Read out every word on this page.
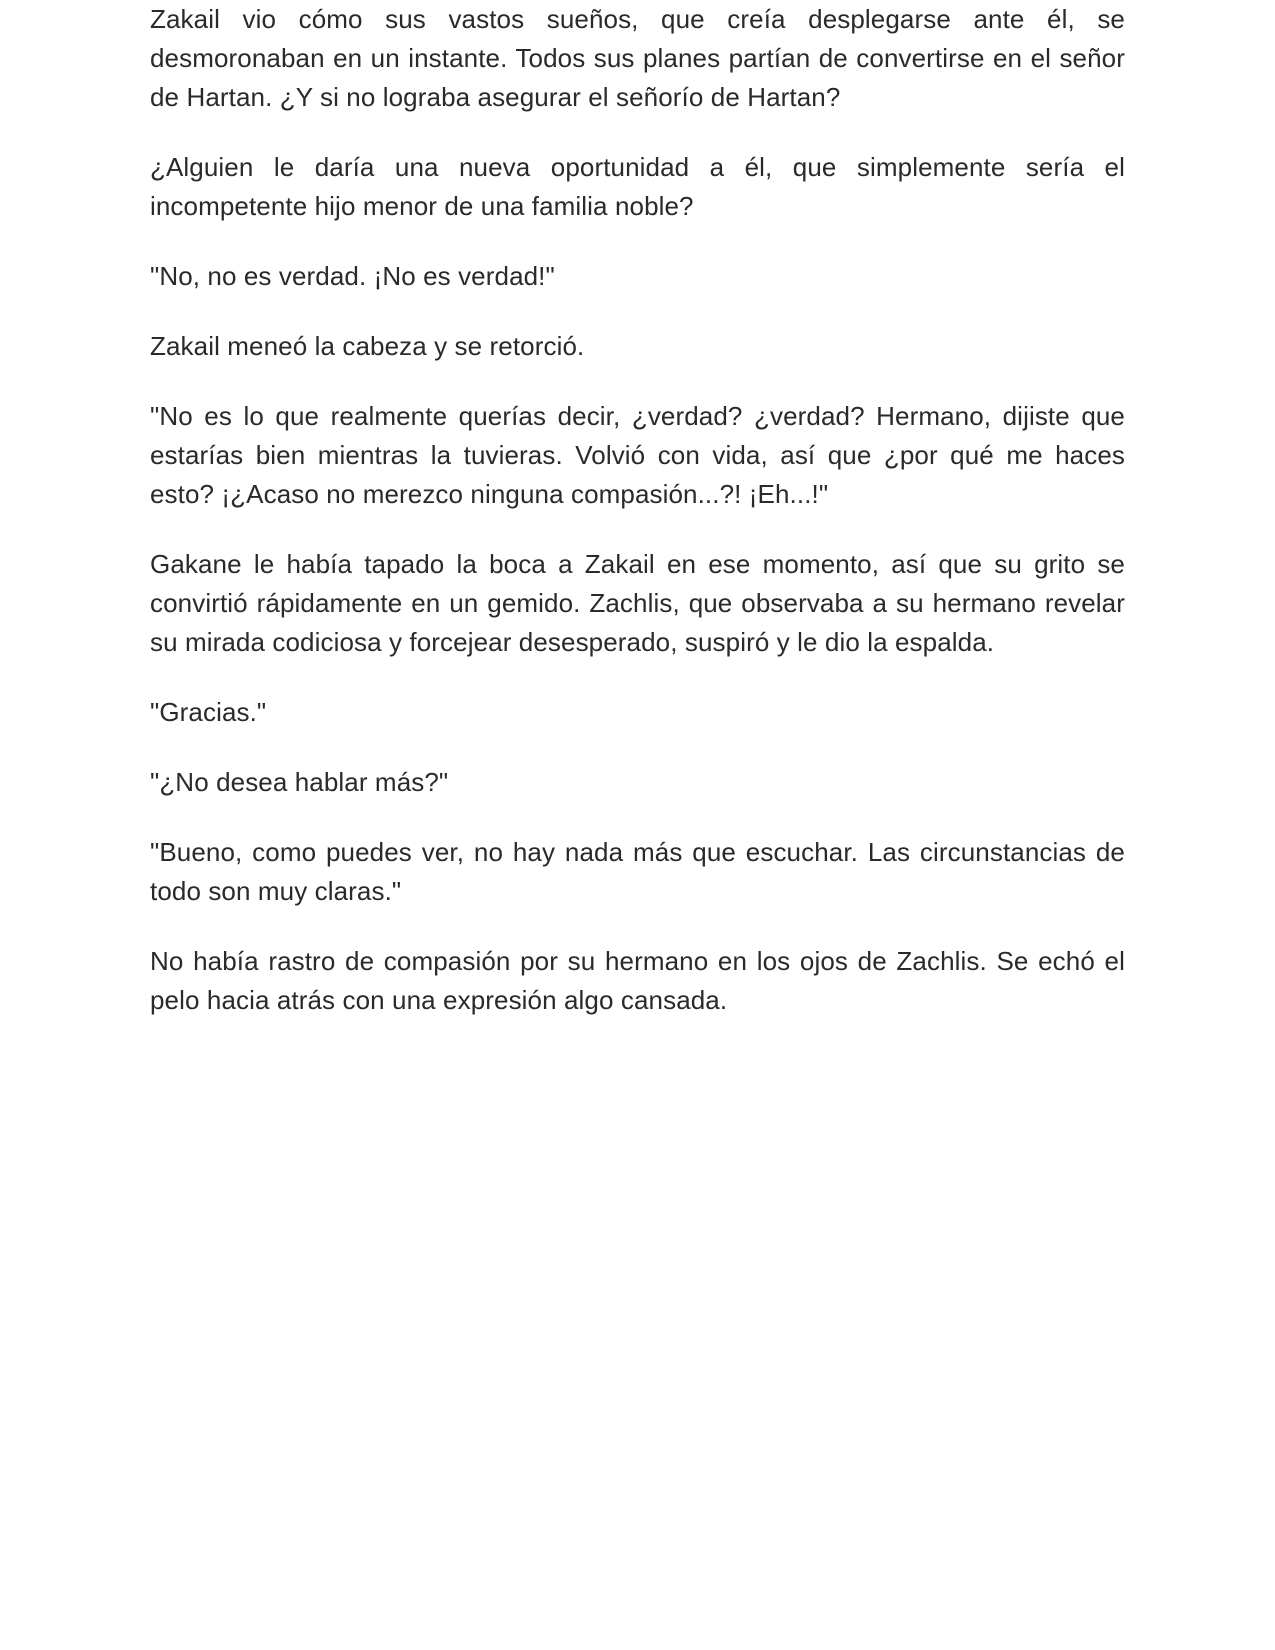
Zakail vio cómo sus vastos sueños, que creía desplegarse ante él, se desmoronaban en un instante. Todos sus planes partían de convertirse en el señor de Hartan. ¿Y si no lograba asegurar el señorío de Hartan?

¿Alguien le daría una nueva oportunidad a él, que simplemente sería el incompetente hijo menor de una familia noble?

"No, no es verdad. ¡No es verdad!"

Zakail meneó la cabeza y se retorció.

"No es lo que realmente querías decir, ¿verdad? ¿verdad? Hermano, dijiste que estarías bien mientras la tuvieras. Volvió con vida, así que ¿por qué me haces esto? ¡¿Acaso no merezco ninguna compasión...?! ¡Eh...!"

Gakane le había tapado la boca a Zakail en ese momento, así que su grito se convirtió rápidamente en un gemido. Zachlis, que observaba a su hermano revelar su mirada codiciosa y forcejear desesperado, suspiró y le dio la espalda.

"Gracias."

"¿No desea hablar más?"

"Bueno, como puedes ver, no hay nada más que escuchar. Las circunstancias de todo son muy claras."

No había rastro de compasión por su hermano en los ojos de Zachlis. Se echó el pelo hacia atrás con una expresión algo cansada.
